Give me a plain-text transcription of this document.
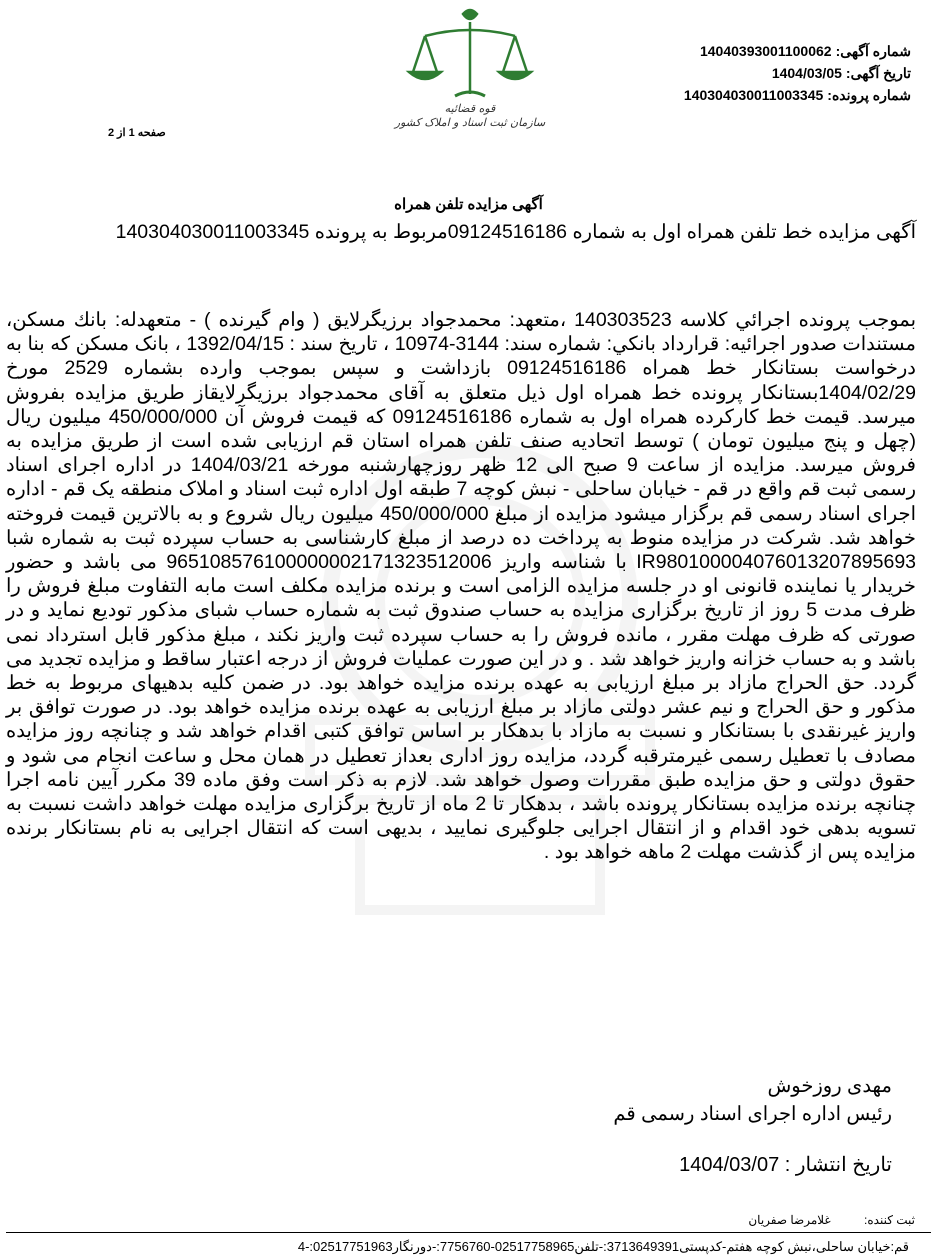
قوه قضائیه
سازمان ثبت اسناد و املاک کشور
شماره آگهی:14040393001100062
تاریخ آگهی:1404/03/05
شماره پرونده:140304030011003345
صفحه 1 از 2
آگهی مزایده تلفن همراه
آگهی مزایده خط تلفن همراه اول به شماره 09124516186مربوط به پرونده 140304030011003345
بموجب پرونده اجرائي كلاسه 140303523 ،متعهد: محمدجواد برزيگرلايق ( وام گيرنده ) - متعهدله: بانك مسكن، مستندات صدور اجرائيه: قرارداد بانكي: شماره سند: 3144-10974 ، تاریخ سند : 1392/04/15 ، بانک مسکن كه بنا به درخواست بستانکار خط همراه 09124516186 بازداشت و سپس بموجب وارده بشماره 2529 مورخ 1404/02/29بستانکار پرونده خط همراه اول ذیل متعلق به آقای محمدجواد برزیگرلایقاز طریق مزایده بفروش میرسد. قیمت خط کارکرده همراه اول به شماره 09124516186 که قیمت فروش آن 450/000/000 میلیون ریال (چهل و پنج میلیون تومان ) توسط اتحادیه صنف تلفن همراه استان قم ارزیابی شده است از طریق مزایده به فروش میرسد. مزایده از ساعت 9 صبح الی 12 ظهر روزچهارشنبه مورخه 1404/03/21 در اداره اجرای اسناد رسمی ثبت قم واقع در قم - خیابان ساحلی - نبش کوچه 7 طبقه اول اداره ثبت اسناد و املاک منطقه یک قم - اداره اجرای اسناد رسمی قم برگزار میشود مزایده از مبلغ 450/000/000 میلیون ریال شروع و به بالاترین قیمت فروخته خواهد شد. شرکت در مزایده منوط به پرداخت ده درصد از مبلغ کارشناسی به حساب سپرده ثبت به شماره شبا IR980100004076013207895693 با شناسه واریز 965108576100000002171323512006 می باشد و حضور خریدار یا نماینده قانونی او در جلسه مزایده الزامی است و برنده مزایده مکلف است مابه التفاوت مبلغ فروش را ظرف مدت 5 روز از تاریخ برگزاری مزایده به حساب صندوق ثبت به شماره حساب شبای مذکور تودیع نماید و در صورتی که ظرف مهلت مقرر ، مانده فروش را به حساب سپرده ثبت واریز نکند ، مبلغ مذکور قابل استرداد نمی باشد و به حساب خزانه واریز خواهد شد . و در این صورت عملیات فروش از درجه اعتبار ساقط و مزایده تجدید می گردد. حق الحراج مازاد بر مبلغ ارزیابی به عهده برنده مزایده خواهد بود. در ضمن کلیه بدهیهای مربوط به خط مذکور و حق الحراج و نیم عشر دولتی مازاد بر مبلغ ارزیابی به عهده برنده مزایده خواهد بود. در صورت توافق بر واریز غیرنقدی با بستانکار و نسبت به مازاد با بدهکار بر اساس توافق کتبی اقدام خواهد شد و چنانچه روز مزایده مصادف با تعطیل رسمی غیرمترقبه گردد، مزایده روز اداری بعداز تعطیل در همان محل و ساعت انجام می شود و حقوق دولتی و حق مزایده طبق مقررات وصول خواهد شد. لازم به ذکر است وفق ماده 39 مکرر آیین نامه اجرا چنانچه برنده مزایده بستانکار پرونده باشد ، بدهکار تا 2 ماه از تاریخ برگزاری مزایده مهلت خواهد داشت نسبت به تسویه بدهی خود اقدام و از انتقال اجرایی جلوگیری نمایید ، بدیهی است که انتقال اجرایی به نام بستانکار برنده مزایده پس از گذشت مهلت 2 ماهه خواهد بود .
مهدی روزخوش
رئیس اداره اجرای اسناد رسمی قم
تاریخ انتشار : 1404/03/07
ثبت کننده: غلامرضا صفریان
قم:خیابان ساحلی،نبش کوچه هفتم-کدپستی3713649391:-تلفن02517758965-7756760:-دورنگار02517751963:-4
